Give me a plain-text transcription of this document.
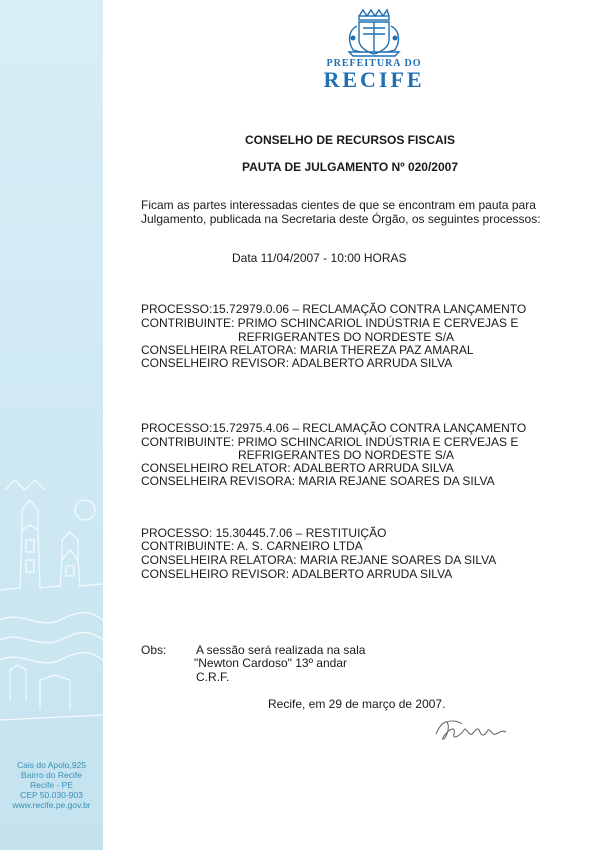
Cais do Apolo,925
Bairro do Recife
Recife - PE
CEP 50.030-903
www.recife.pe.gov.br
PREFEITURA DO
RECIFE
CONSELHO DE RECURSOS FISCAIS
PAUTA DE JULGAMENTO Nº 020/2007
Ficam as partes interessadas cientes de que se encontram em pauta para
Julgamento, publicada na Secretaria deste Órgão, os seguintes processos:
Data 11/04/2007 - 10:00 HORAS
PROCESSO:15.72979.0.06 – RECLAMAÇÃO CONTRA LANÇAMENTO
CONTRIBUINTE: PRIMO SCHINCARIOL INDÚSTRIA E CERVEJAS E
REFRIGERANTES DO NORDESTE S/A
CONSELHEIRA RELATORA: MARIA THEREZA PAZ AMARAL
CONSELHEIRO REVISOR: ADALBERTO ARRUDA SILVA
PROCESSO:15.72975.4.06 – RECLAMAÇÃO CONTRA LANÇAMENTO
CONTRIBUINTE: PRIMO SCHINCARIOL INDÚSTRIA E CERVEJAS E
REFRIGERANTES DO NORDESTE S/A
CONSELHEIRO RELATOR: ADALBERTO ARRUDA SILVA
CONSELHEIRA REVISORA: MARIA REJANE SOARES DA SILVA
PROCESSO: 15.30445.7.06 – RESTITUIÇÃO
CONTRIBUINTE: A. S. CARNEIRO LTDA
CONSELHEIRA RELATORA: MARIA REJANE SOARES DA SILVA
CONSELHEIRO REVISOR: ADALBERTO ARRUDA SILVA
Obs: A sessão será realizada na sala
"Newton Cardoso" 13º andar
C.R.F.
Recife, em 29 de março de 2007.
